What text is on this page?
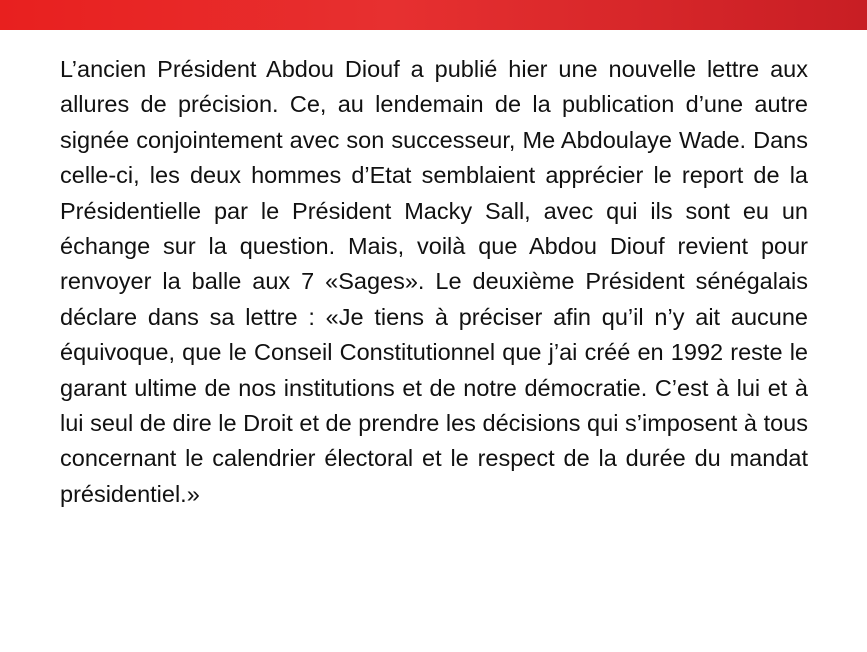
L’ancien Président Abdou Diouf a publié hier une nouvelle lettre aux allures de précision. Ce, au lendemain de la publication d’une autre signée conjointement avec son successeur, Me Abdoulaye Wade. Dans celle-ci, les deux hommes d’Etat semblaient apprécier le report de la Présidentielle par le Président Macky Sall, avec qui ils sont eu un échange sur la question. Mais, voilà que Abdou Diouf revient pour renvoyer la balle aux 7 «Sages». Le deuxième Président sénégalais déclare dans sa lettre : «Je tiens à préciser afin qu’il n’y ait aucune équivoque, que le Conseil Constitutionnel que j’ai créé en 1992 reste le garant ultime de nos institutions et de notre démocratie. C’est à lui et à lui seul de dire le Droit et de prendre les décisions qui s’imposent à tous concernant le calendrier électoral et le respect de la durée du mandat présidentiel.»
